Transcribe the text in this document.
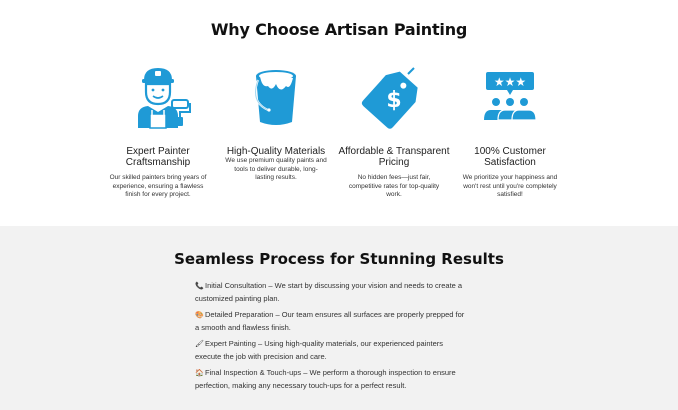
Why Choose Artisan Painting
Expert Painter
Craftsmanship
Our skilled painters bring years of
experience, ensuring a flawless
finish for every project.
High-Quality Materials
We use premium quality paints and
tools to deliver durable, long-
lasting results.
$
Affordable & Transparent
Pricing
No hidden fees—just fair,
competitive rates for top-quality
work.
★★★
100% Customer
Satisfaction
We prioritize your happiness and
won't rest until you're completely
satisfied!
Seamless Process for Stunning Results
📞Initial Consultation – We start by discussing your vision and needs to create a
customized painting plan.
🎨Detailed Preparation – Our team ensures all surfaces are properly prepped for
a smooth and flawless finish.
🖌Expert Painting – Using high-quality materials, our experienced painters
execute the job with precision and care.
🏠Final Inspection & Touch-ups – We perform a thorough inspection to ensure
perfection, making any necessary touch-ups for a perfect result.
